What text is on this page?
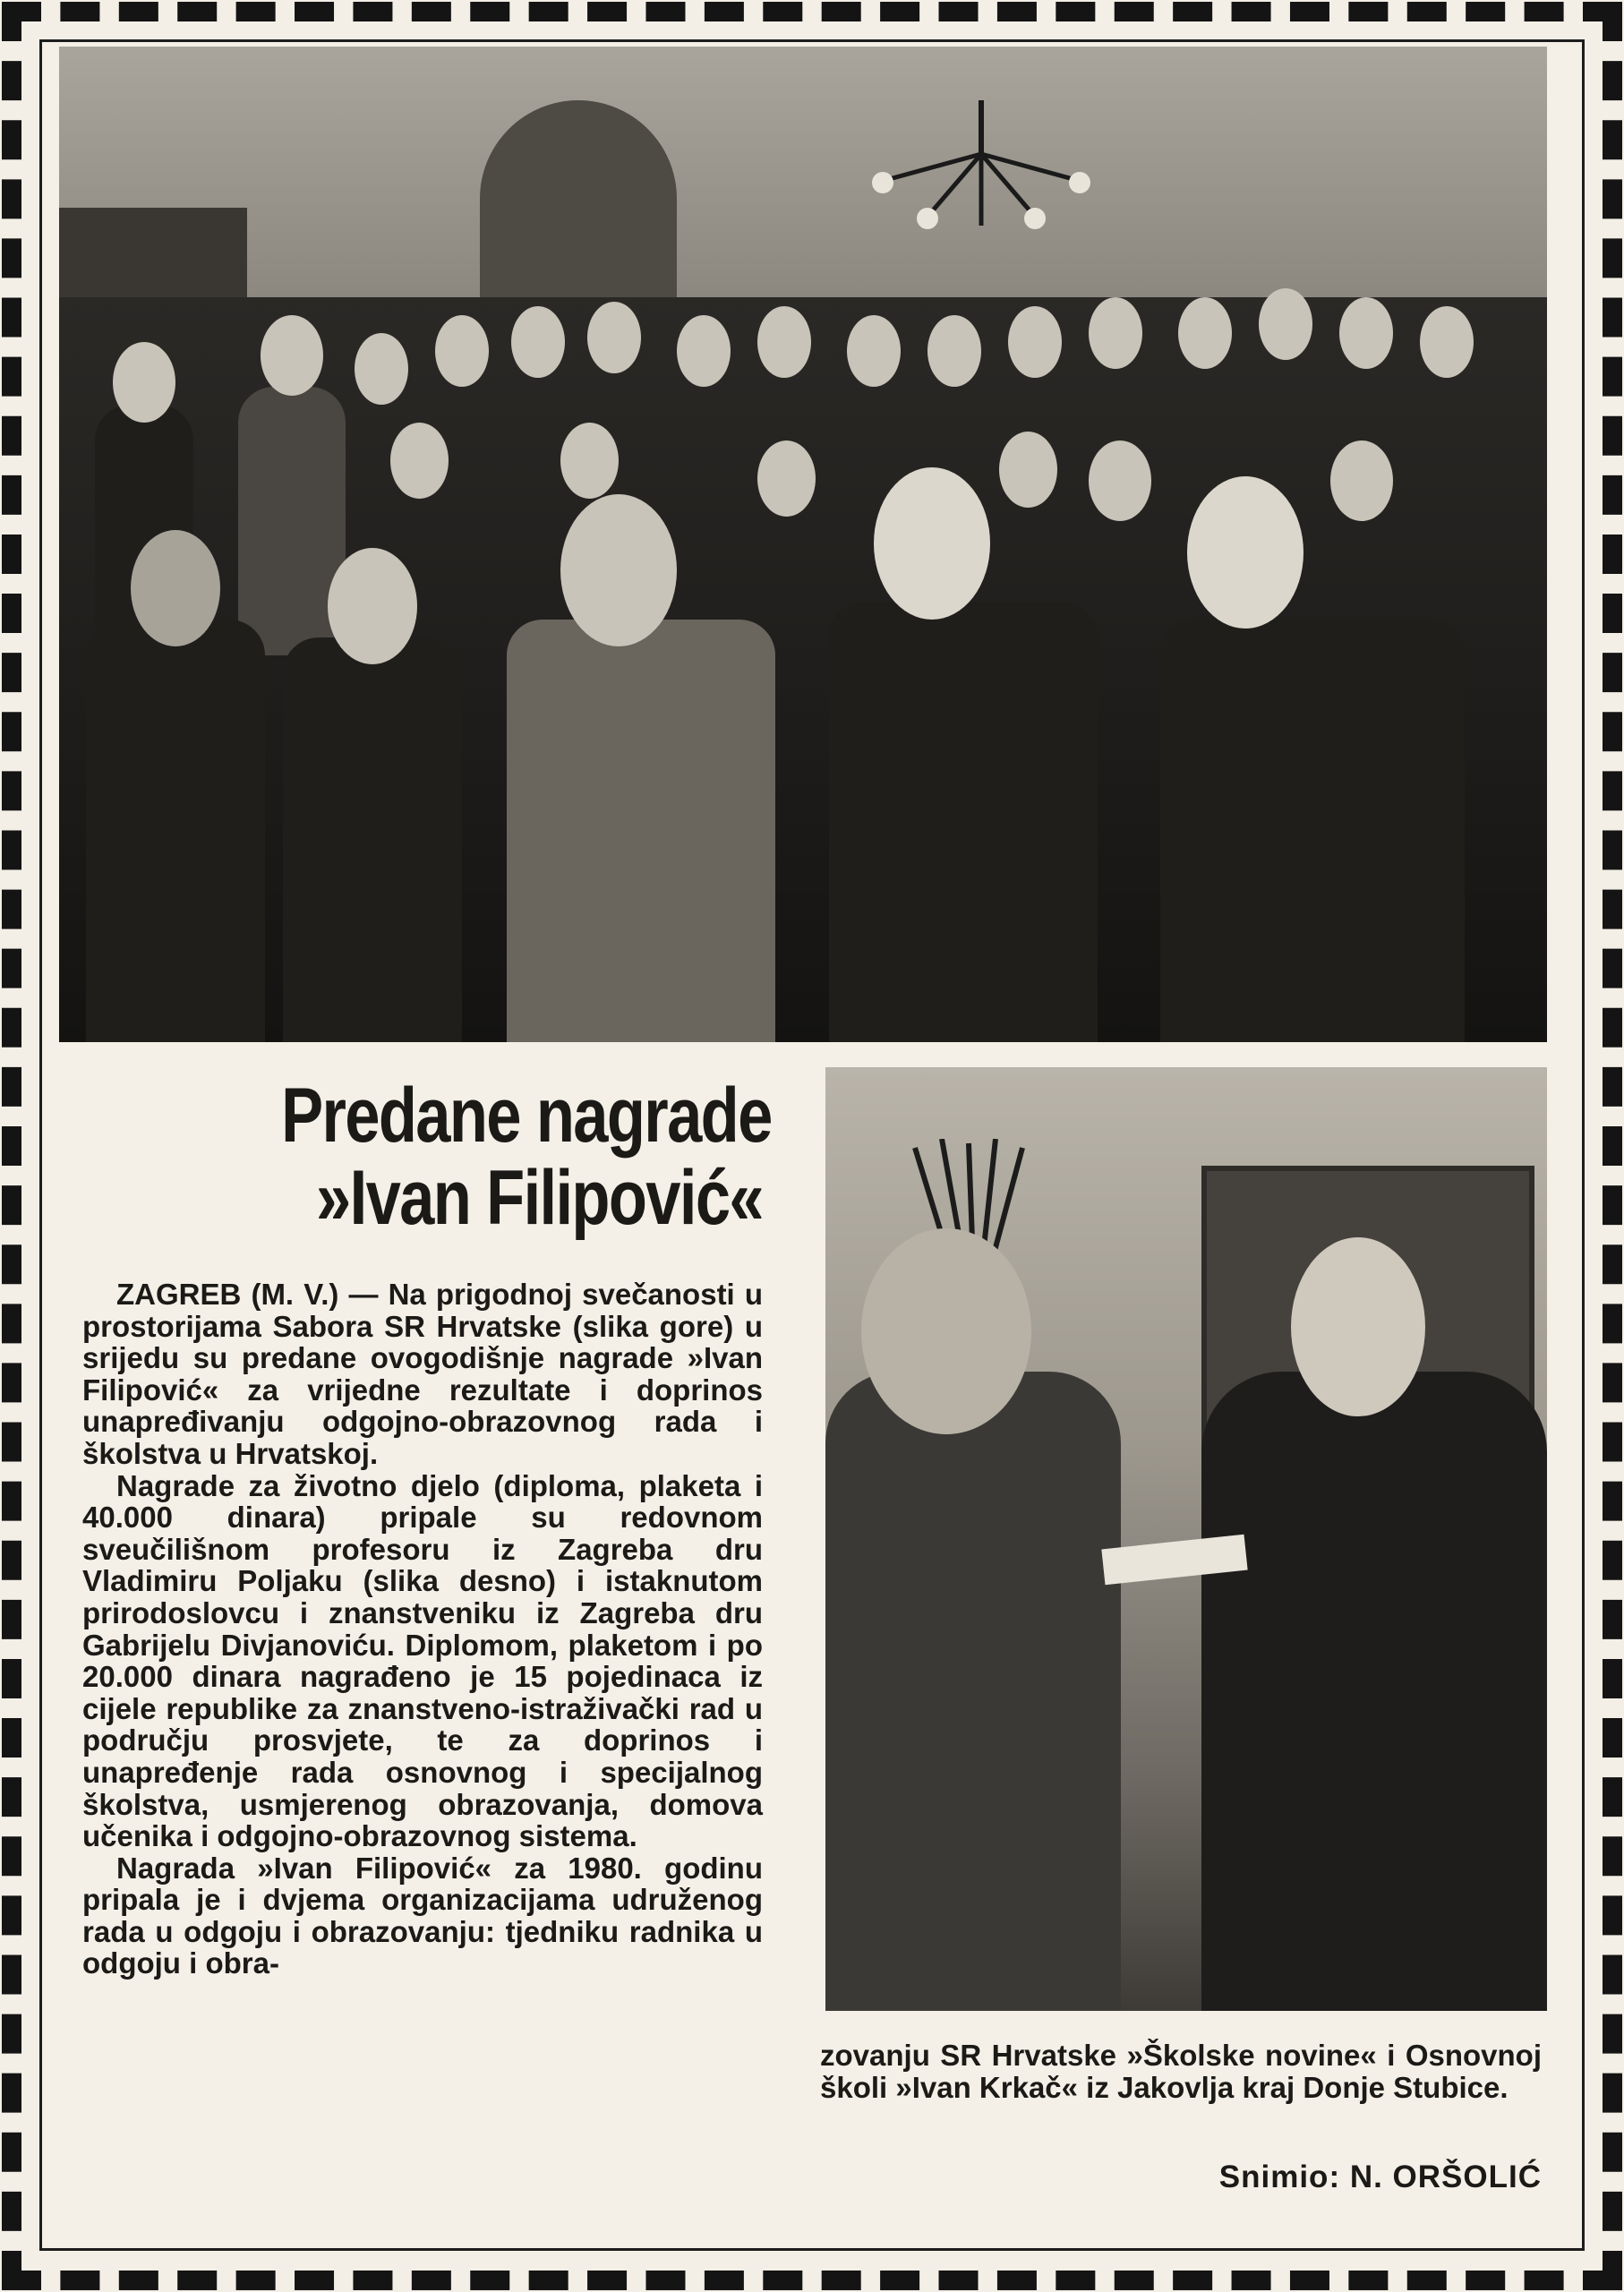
Predane nagrade
»Ivan Filipović«

ZAGREB (M. V.) — Na prigodnoj svečanosti u prostorijama Sabora SR Hrvatske (slika gore) u srijedu su predane ovogodišnje nagrade »Ivan Filipović« za vrijedne rezultate i doprinos unapređivanju odgojno-obrazovnog rada i školstva u Hrvatskoj.

Nagrade za životno djelo (diploma, plaketa i 40.000 dinara) pripale su redovnom sveučilišnom profesoru iz Zagreba dru Vladimiru Poljaku (slika desno) i istaknutom prirodoslovcu i znanstveniku iz Zagreba dru Gabrijelu Divjanoviću. Diplomom, plaketom i po 20.000 dinara nagrađeno je 15 pojedinaca iz cijele republike za znanstveno-istraživački rad u području prosvjete, te za doprinos i unapređenje rada osnovnog i specijalnog školstva, usmjerenog obrazovanja, domova učenika i odgojno-obrazovnog sistema.

Nagrada »Ivan Filipović« za 1980. godinu pripala je i dvjema organizacijama udruženog rada u odgoju i obrazovanju: tjedniku radnika u odgoju i obra-

zovanju SR Hrvatske »Školske novine« i Osnovnoj školi »Ivan Krkač« iz Jakovlja kraj Donje Stubice.
Snimio: N. ORŠOLIĆ
